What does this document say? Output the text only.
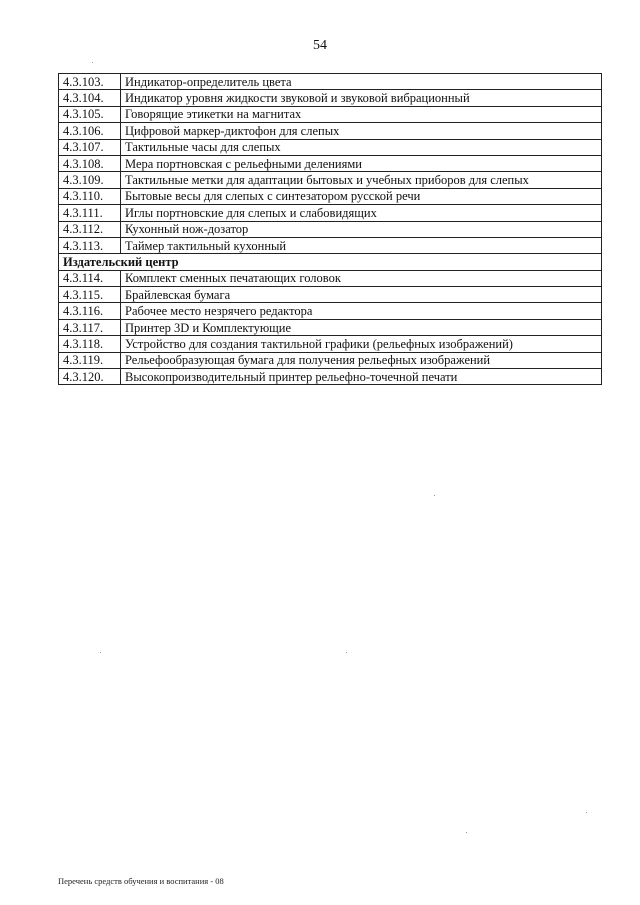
54
4.3.103.	Индикатор-определитель цвета
4.3.104.	Индикатор уровня жидкости звуковой и звуковой вибрационный
4.3.105.	Говорящие этикетки на магнитах
4.3.106.	Цифровой маркер-диктофон для слепых
4.3.107.	Тактильные часы для слепых
4.3.108.	Мера портновская с рельефными делениями
4.3.109.	Тактильные метки для адаптации бытовых и учебных приборов для слепых
4.3.110.	Бытовые весы для слепых с синтезатором русской речи
4.3.111.	Иглы портновские для слепых и слабовидящих
4.3.112.	Кухонный нож-дозатор
4.3.113.	Таймер тактильный кухонный
Издательский центр	
4.3.114.	Комплект сменных печатающих головок
4.3.115.	Брайлевская бумага
4.3.116.	Рабочее место незрячего редактора
4.3.117.	Принтер 3D и Комплектующие
4.3.118.	Устройство для создания тактильной графики (рельефных изображений)
4.3.119.	Рельефообразующая бумага для получения рельефных изображений
4.3.120.	Высокопроизводительный принтер рельефно-точечной печати
Перечень средств обучения и воспитания - 08
